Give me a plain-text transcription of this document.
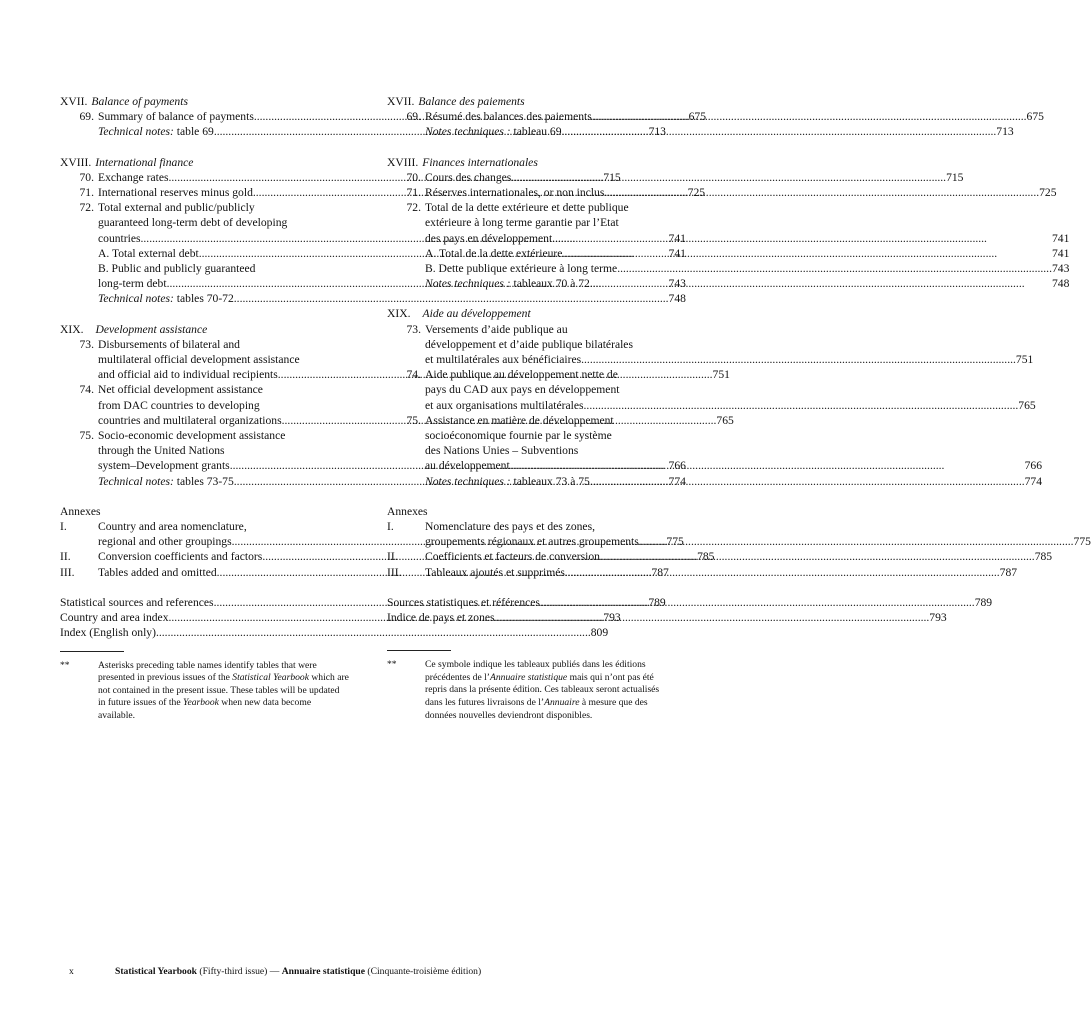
XVII. Balance of payments
69. Summary of balance of payments .....	675
Technical notes: table 69 .....	713
XVIII. International finance
70. Exchange rates .....	715
71. International reserves minus gold .....	725
72. Total external and public/publicly
guaranteed long-term debt of developing
countries .....	741
A. Total external debt .....	741
B. Public and publicly guaranteed
long-term debt .....	743
Technical notes: tables 70-72 .....	748
XIX.	Development assistance
73. Disbursements of bilateral and
multilateral official development assistance
and official aid to individual recipients .....	751
74. Net official development assistance
from DAC countries to developing
countries and multilateral organizations .....	765
75. Socio-economic development assistance
through the United Nations
system–Development grants .....	766
Technical notes: tables 73-75 .....	774
Annexes
I.	Country and area nomenclature,
regional and other groupings .....	775
II.	Conversion coefficients and factors .....	785
III.	Tables added and omitted .....	787
Statistical sources and references .....	789
Country and area index .....	793
Index (English only) .....	809
**	Asterisks preceding table names identify tables that were presented in previous issues of the Statistical Yearbook which are not contained in the present issue. These tables will be updated in future issues of the Yearbook when new data become available.
XVII. Balance des paiements
69. Résumé des balances des paiements .....	675
Notes techniques : tableau 69 .....	713
XVIII. Finances internationales
70. Cours des changes .....	715
71. Réserves internationales, or non inclus .....	725
72. Total de la dette extérieure et dette publique
extérieure à long terme garantie par l’Etat
des pays en développement .....	741
A. Total de la dette extérieure .....	741
B. Dette publique extérieure à long terme .....	743
Notes techniques : tableaux 70 à 72 .....	748
XIX.	Aide au développement
73. Versements d’aide publique au
développement et d’aide publique bilatérales
et multilatérales aux bénéficiaires .....	751
74. Aide publique au développement nette de
pays du CAD aux pays en développement
et aux organisations multilatérales .....	765
75. Assistance en matière de développement
socioéconomique fournie par le système
des Nations Unies – Subventions
au développement .....	766
Notes techniques : tableaux 73 à 75 .....	774
Annexes
I.	Nomenclature des pays et des zones,
groupements régionaux et autres groupements .....	775
II.	Coefficients et facteurs de conversion .....	785
III.	Tableaux ajoutés et supprimés .....	787
Sources statistiques et références .....	789
Indice de pays et zones .....	793
**	Ce symbole indique les tableaux publiés dans les éditions précédentes de l’Annuaire statistique mais qui n’ont pas été repris dans la présente édition. Ces tableaux seront actualisés dans les futures livraisons de l’Annuaire à mesure que des données nouvelles deviendront disponibles.
x	Statistical Yearbook (Fifty-third issue) — Annuaire statistique (Cinquante-troisième édition)
